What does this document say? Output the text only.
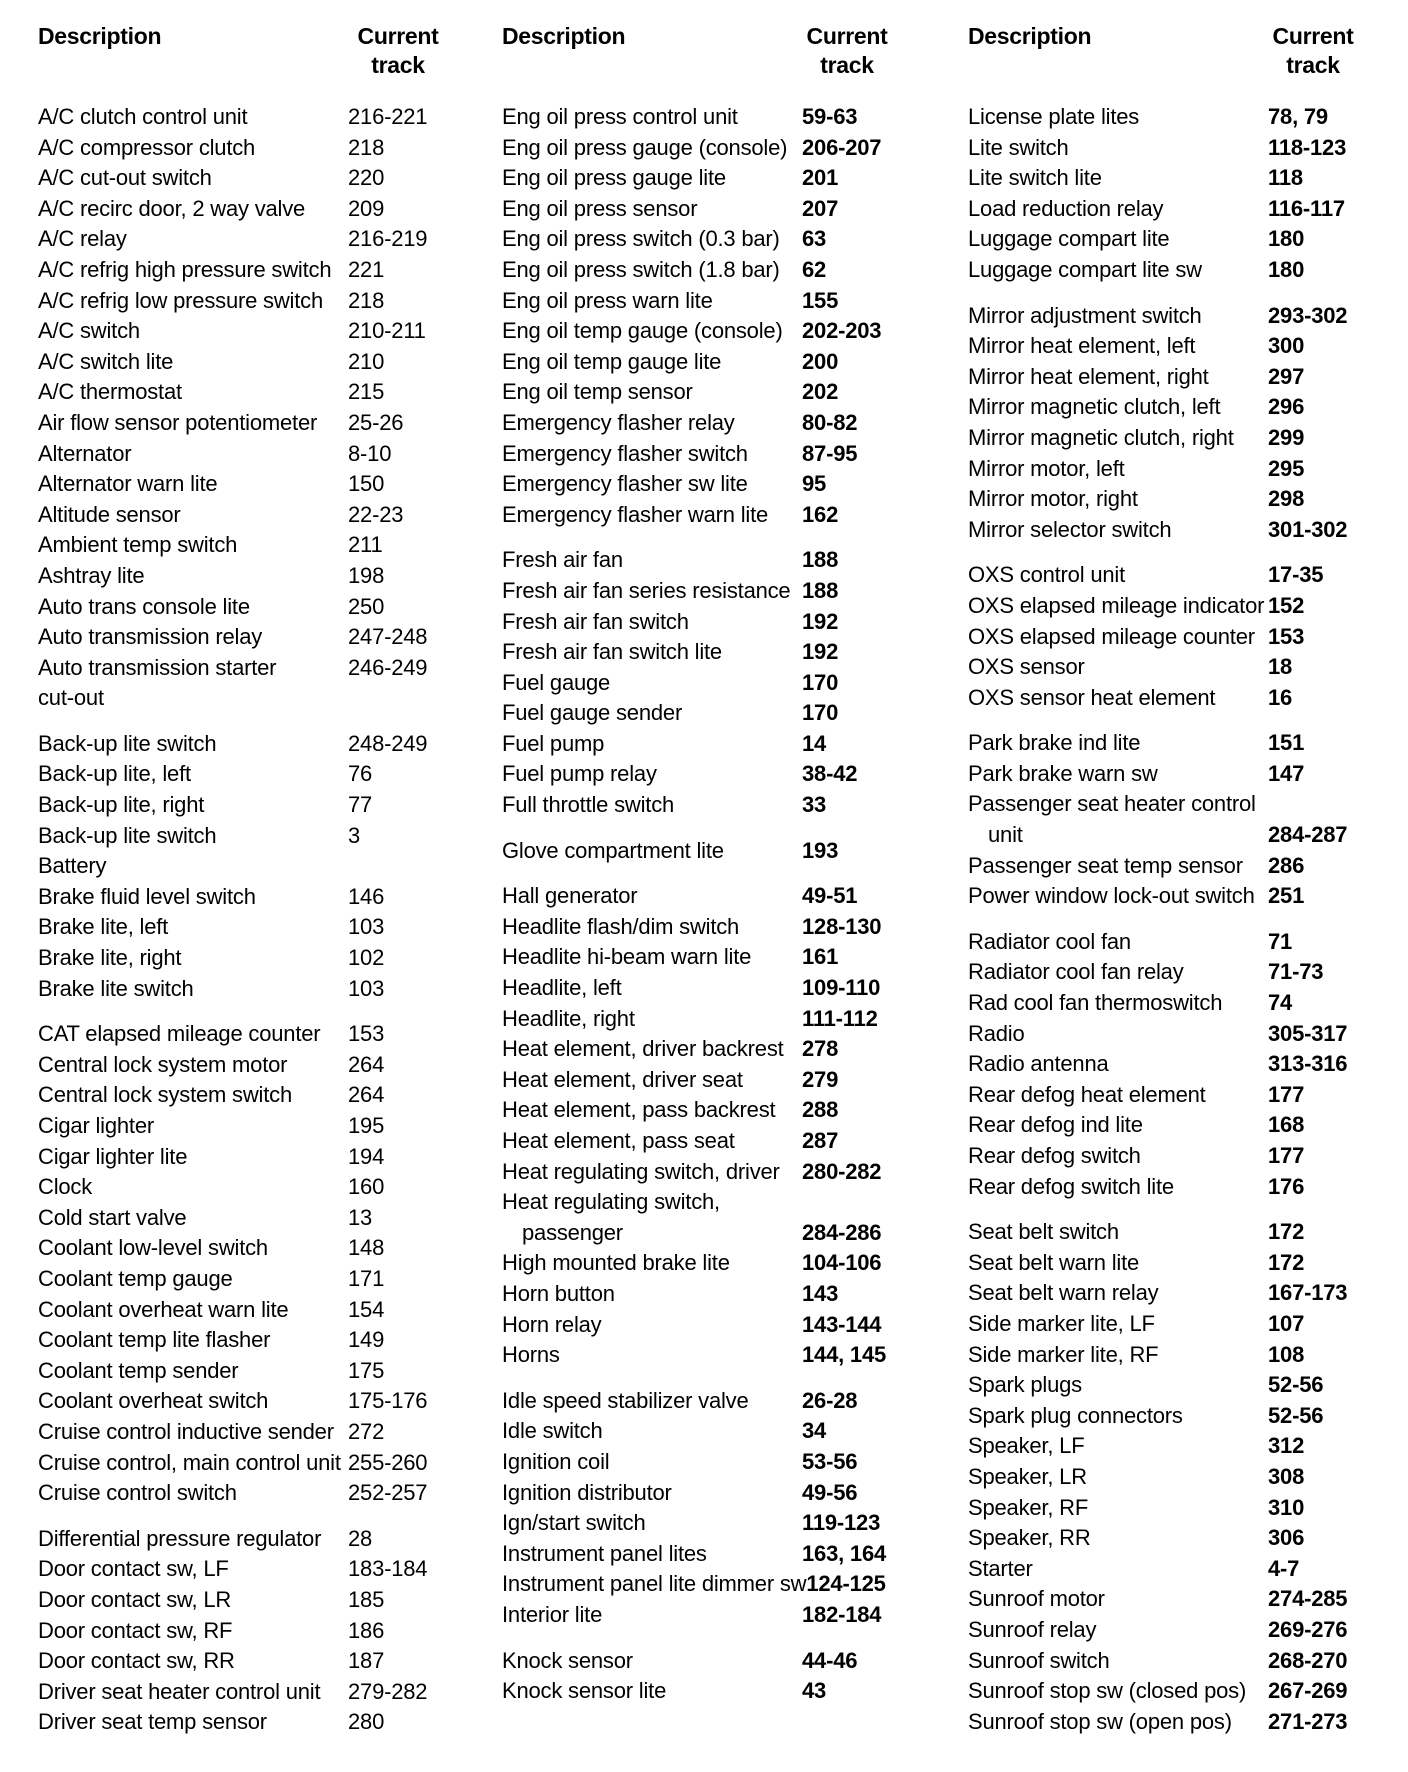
Description	Current
track
A/C clutch control unit	216-221
A/C compressor clutch	218
A/C cut-out switch	220
A/C recirc door, 2 way valve	209
A/C relay	216-219
A/C refrig high pressure switch 221
A/C refrig low pressure switch	218
A/C switch	210-211
A/C switch lite	210
A/C thermostat	215
Air flow sensor potentiometer	25-26
Alternator	8-10
Alternator warn lite	150
Altitude sensor	22-23
Ambient temp switch	211
Ashtray lite	198
Auto trans console lite	250
Auto transmission relay	247-248
Auto transmission starter	246-249
cut-out
Back-up lite switch	248-249
Back-up lite, left	76
Back-up lite, right	77
Back-up lite switch	3
Battery
Brake fluid level switch	146
Brake lite, left	103
Brake lite, right	102
Brake lite switch	103
CAT elapsed mileage counter	153
Central lock system motor	264
Central lock system switch	264
Cigar lighter	195
Cigar lighter lite	194
Clock	160
Cold start valve	13
Coolant low-level switch	148
Coolant temp gauge	171
Coolant overheat warn lite	154
Coolant temp lite flasher	149
Coolant temp sender	175
Coolant overheat switch	175-176
Cruise control inductive sender 272
Cruise control, main control unit 255-260
Cruise control switch	252-257
Differential pressure regulator	28
Door contact sw, LF	183-184
Door contact sw, LR	185
Door contact sw, RF	186
Door contact sw, RR	187
Driver seat heater control unit	279-282
Driver seat temp sensor	280
Description	Current
track
Eng oil press control unit	59-63
Eng oil press gauge (console) 206-207
Eng oil press gauge lite	201
Eng oil press sensor	207
Eng oil press switch (0.3 bar)	63
Eng oil press switch (1.8 bar)	62
Eng oil press warn lite	155
Eng oil temp gauge (console) 202-203
Eng oil temp gauge lite	200
Eng oil temp sensor	202
Emergency flasher relay	80-82
Emergency flasher switch	87-95
Emergency flasher sw lite	95
Emergency flasher warn lite	162
Fresh air fan	188
Fresh air fan series resistance 188
Fresh air fan switch	192
Fresh air fan switch lite	192
Fuel gauge	170
Fuel gauge sender	170
Fuel pump	14
Fuel pump relay	38-42
Full throttle switch	33
Glove compartment lite	193
Hall generator	49-51
Headlite flash/dim switch	128-130
Headlite hi-beam warn lite	161
Headlite, left	109-110
Headlite, right	111-112
Heat element, driver backrest 278
Heat element, driver seat	279
Heat element, pass backrest	288
Heat element, pass seat	287
Heat regulating switch, driver	280-282
Heat regulating switch,
passenger	284-286
High mounted brake lite	104-106
Horn button	143
Horn relay	143-144
Horns	144, 145
Idle speed stabilizer valve	26-28
Idle switch	34
Ignition coil	53-56
Ignition distributor	49-56
Ign/start switch	119-123
Instrument panel lites	163, 164
Instrument panel lite dimmer sw 124-125
Interior lite	182-184
Knock sensor	44-46
Knock sensor lite	43
Description	Current
track
License plate lites	78, 79
Lite switch	118-123
Lite switch lite	118
Load reduction relay	116-117
Luggage compart lite	180
Luggage compart lite sw	180
Mirror adjustment switch	293-302
Mirror heat element, left	300
Mirror heat element, right	297
Mirror magnetic clutch, left	296
Mirror magnetic clutch, right	299
Mirror motor, left	295
Mirror motor, right	298
Mirror selector switch	301-302
OXS control unit	17-35
OXS elapsed mileage indicator 152
OXS elapsed mileage counter 153
OXS sensor	18
OXS sensor heat element	16
Park brake ind lite	151
Park brake warn sw	147
Passenger seat heater control
unit	284-287
Passenger seat temp sensor	286
Power window lock-out switch 251
Radiator cool fan	71
Radiator cool fan relay	71-73
Rad cool fan thermoswitch	74
Radio	305-317
Radio antenna	313-316
Rear defog heat element	177
Rear defog ind lite	168
Rear defog switch	177
Rear defog switch lite	176
Seat belt switch	172
Seat belt warn lite	172
Seat belt warn relay	167-173
Side marker lite, LF	107
Side marker lite, RF	108
Spark plugs	52-56
Spark plug connectors	52-56
Speaker, LF	312
Speaker, LR	308
Speaker, RF	310
Speaker, RR	306
Starter	4-7
Sunroof motor	274-285
Sunroof relay	269-276
Sunroof switch	268-270
Sunroof stop sw (closed pos) 267-269
Sunroof stop sw (open pos)	271-273
